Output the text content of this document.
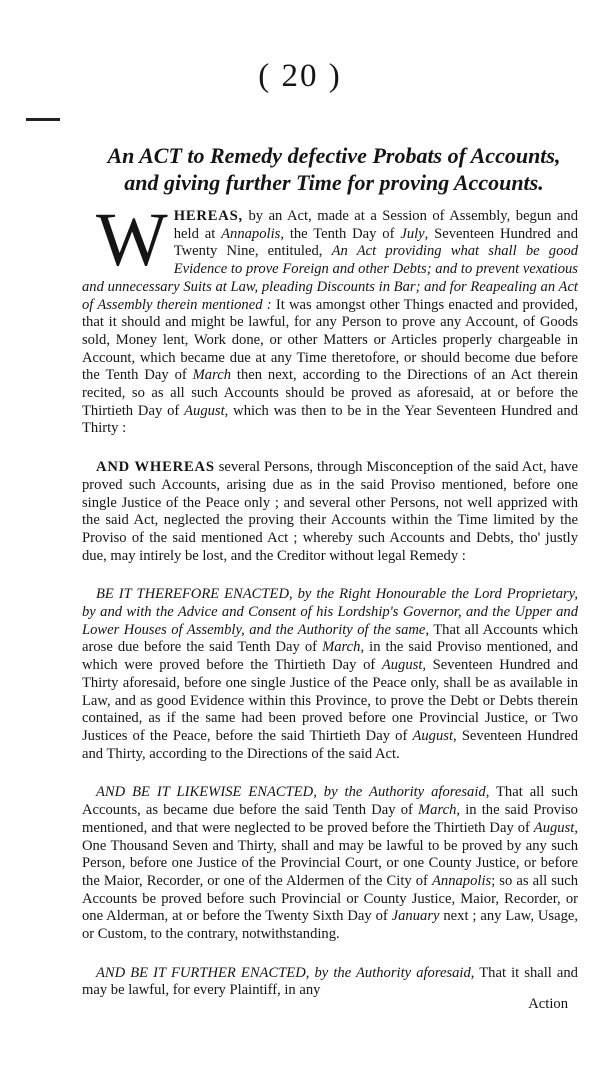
( 20 )
An ACT to Remedy defective Probats of Accounts,
and giving further Time for proving Accounts.

WHEREAS, by an Act, made at a Session of Assembly, begun and held at Annapolis, the Tenth Day of July, Seventeen Hundred and Twenty Nine, entituled, An Act providing what shall be good Evidence to prove Foreign and other Debts; and to prevent vexatious and unnecessary Suits at Law, pleading Discounts in Bar; and for Reapealing an Act of Assembly therein mentioned : It was amongst other Things enacted and provided, that it should and might be lawful, for any Person to prove any Account, of Goods sold, Money lent, Work done, or other Matters or Articles properly chargeable in Account, which became due at any Time theretofore, or should become due before the Tenth Day of March then next, according to the Directions of an Act therein recited, so as all such Accounts should be proved as aforesaid, at or before the Thirtieth Day of August, which was then to be in the Year Seventeen Hundred and Thirty :

AND WHEREAS several Persons, through Misconception of the said Act, have proved such Accounts, arising due as in the said Proviso mentioned, before one single Justice of the Peace only ; and several other Persons, not well apprized with the said Act, neglected the proving their Accounts within the Time limited by the Proviso of the said mentioned Act ; whereby such Accounts and Debts, tho' justly due, may intirely be lost, and the Creditor without legal Remedy :

BE IT THEREFORE ENACTED, by the Right Honourable the Lord Proprietary, by and with the Advice and Consent of his Lordship's Governor, and the Upper and Lower Houses of Assembly, and the Authority of the same, That all Accounts which arose due before the said Tenth Day of March, in the said Proviso mentioned, and which were proved before the Thirtieth Day of August, Seventeen Hundred and Thirty aforesaid, before one single Justice of the Peace only, shall be as available in Law, and as good Evidence within this Province, to prove the Debt or Debts therein contained, as if the same had been proved before one Provincial Justice, or Two Justices of the Peace, before the said Thirtieth Day of August, Seventeen Hundred and Thirty, according to the Directions of the said Act.

AND BE IT LIKEWISE ENACTED, by the Authority aforesaid, That all such Accounts, as became due before the said Tenth Day of March, in the said Proviso mentioned, and that were neglected to be proved before the Thirtieth Day of August, One Thousand Seven and Thirty, shall and may be lawful to be proved by any such Person, before one Justice of the Provincial Court, or one County Justice, or before the Maior, Recorder, or one of the Aldermen of the City of Annapolis; so as all such Accounts be proved before such Provincial or County Justice, Maior, Recorder, or one Alderman, at or before the Twenty Sixth Day of January next ; any Law, Usage, or Custom, to the contrary, notwithstanding.

AND BE IT FURTHER ENACTED, by the Authority aforesaid, That it shall and may be lawful, for every Plaintiff, in any

Action
